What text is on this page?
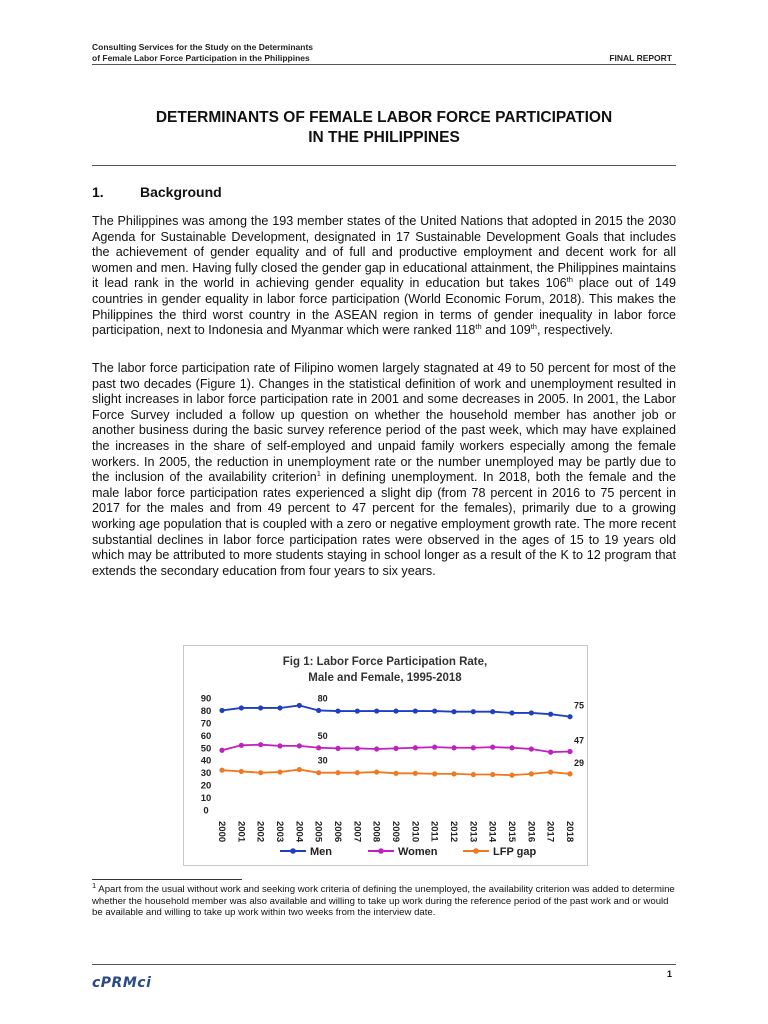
Consulting Services for the Study on the Determinants
of Female Labor Force Participation in the Philippines	FINAL REPORT
DETERMINANTS OF FEMALE LABOR FORCE PARTICIPATION
IN THE PHILIPPINES
1.	Background

The Philippines was among the 193 member states of the United Nations that adopted in 2015 the 2030 Agenda for Sustainable Development, designated in 17 Sustainable Development Goals that includes the achievement of gender equality and of full and productive employment and decent work for all women and men. Having fully closed the gender gap in educational attainment, the Philippines maintains it lead rank in the world in achieving gender equality in education but takes 106th place out of 149 countries in gender equality in labor force participation (World Economic Forum, 2018). This makes the Philippines the third worst country in the ASEAN region in terms of gender inequality in labor force participation, next to Indonesia and Myanmar which were ranked 118th and 109th, respectively.

The labor force participation rate of Filipino women largely stagnated at 49 to 50 percent for most of the past two decades (Figure 1). Changes in the statistical definition of work and unemployment resulted in slight increases in labor force participation rate in 2001 and some decreases in 2005. In 2001, the Labor Force Survey included a follow up question on whether the household member has another job or another business during the basic survey reference period of the past week, which may have explained the increases in the share of self-employed and unpaid family workers especially among the female workers. In 2005, the reduction in unemployment rate or the number unemployed may be partly due to the inclusion of the availability criterion$^1$ in defining unemployment. In 2018, both the female and the male labor force participation rates experienced a slight dip (from 78 percent in 2016 to 75 percent in 2017 for the males and from 49 percent to 47 percent for the females), primarily due to a growing working age population that is coupled with a zero or negative employment growth rate. The more recent substantial declines in labor force participation rates were observed in the ages of 15 to 19 years old which may be attributed to more students staying in school longer as a result of the K to 12 program that extends the secondary education from four years to six years.

Fig 1: Labor Force Participation Rate,
Male and Female, 1995-2018
90
80
70
60
50
40
30
20
10
0
2000 2001 2002 2003 2004 2005 2006 2007 2008 2009 2010 2011 2012 2013 2014 2015 2016 2017 2018
80
75
50	47
30	29
Men	Women	LFP gap

$^1$ Apart from the usual without work and seeking work criteria of defining the unemployed, the availability criterion was added to determine whether the household member was also available and willing to take up work during the reference period of the past work and or would be available and willing to take up work within two weeks from the interview date.

cPRMci
1
